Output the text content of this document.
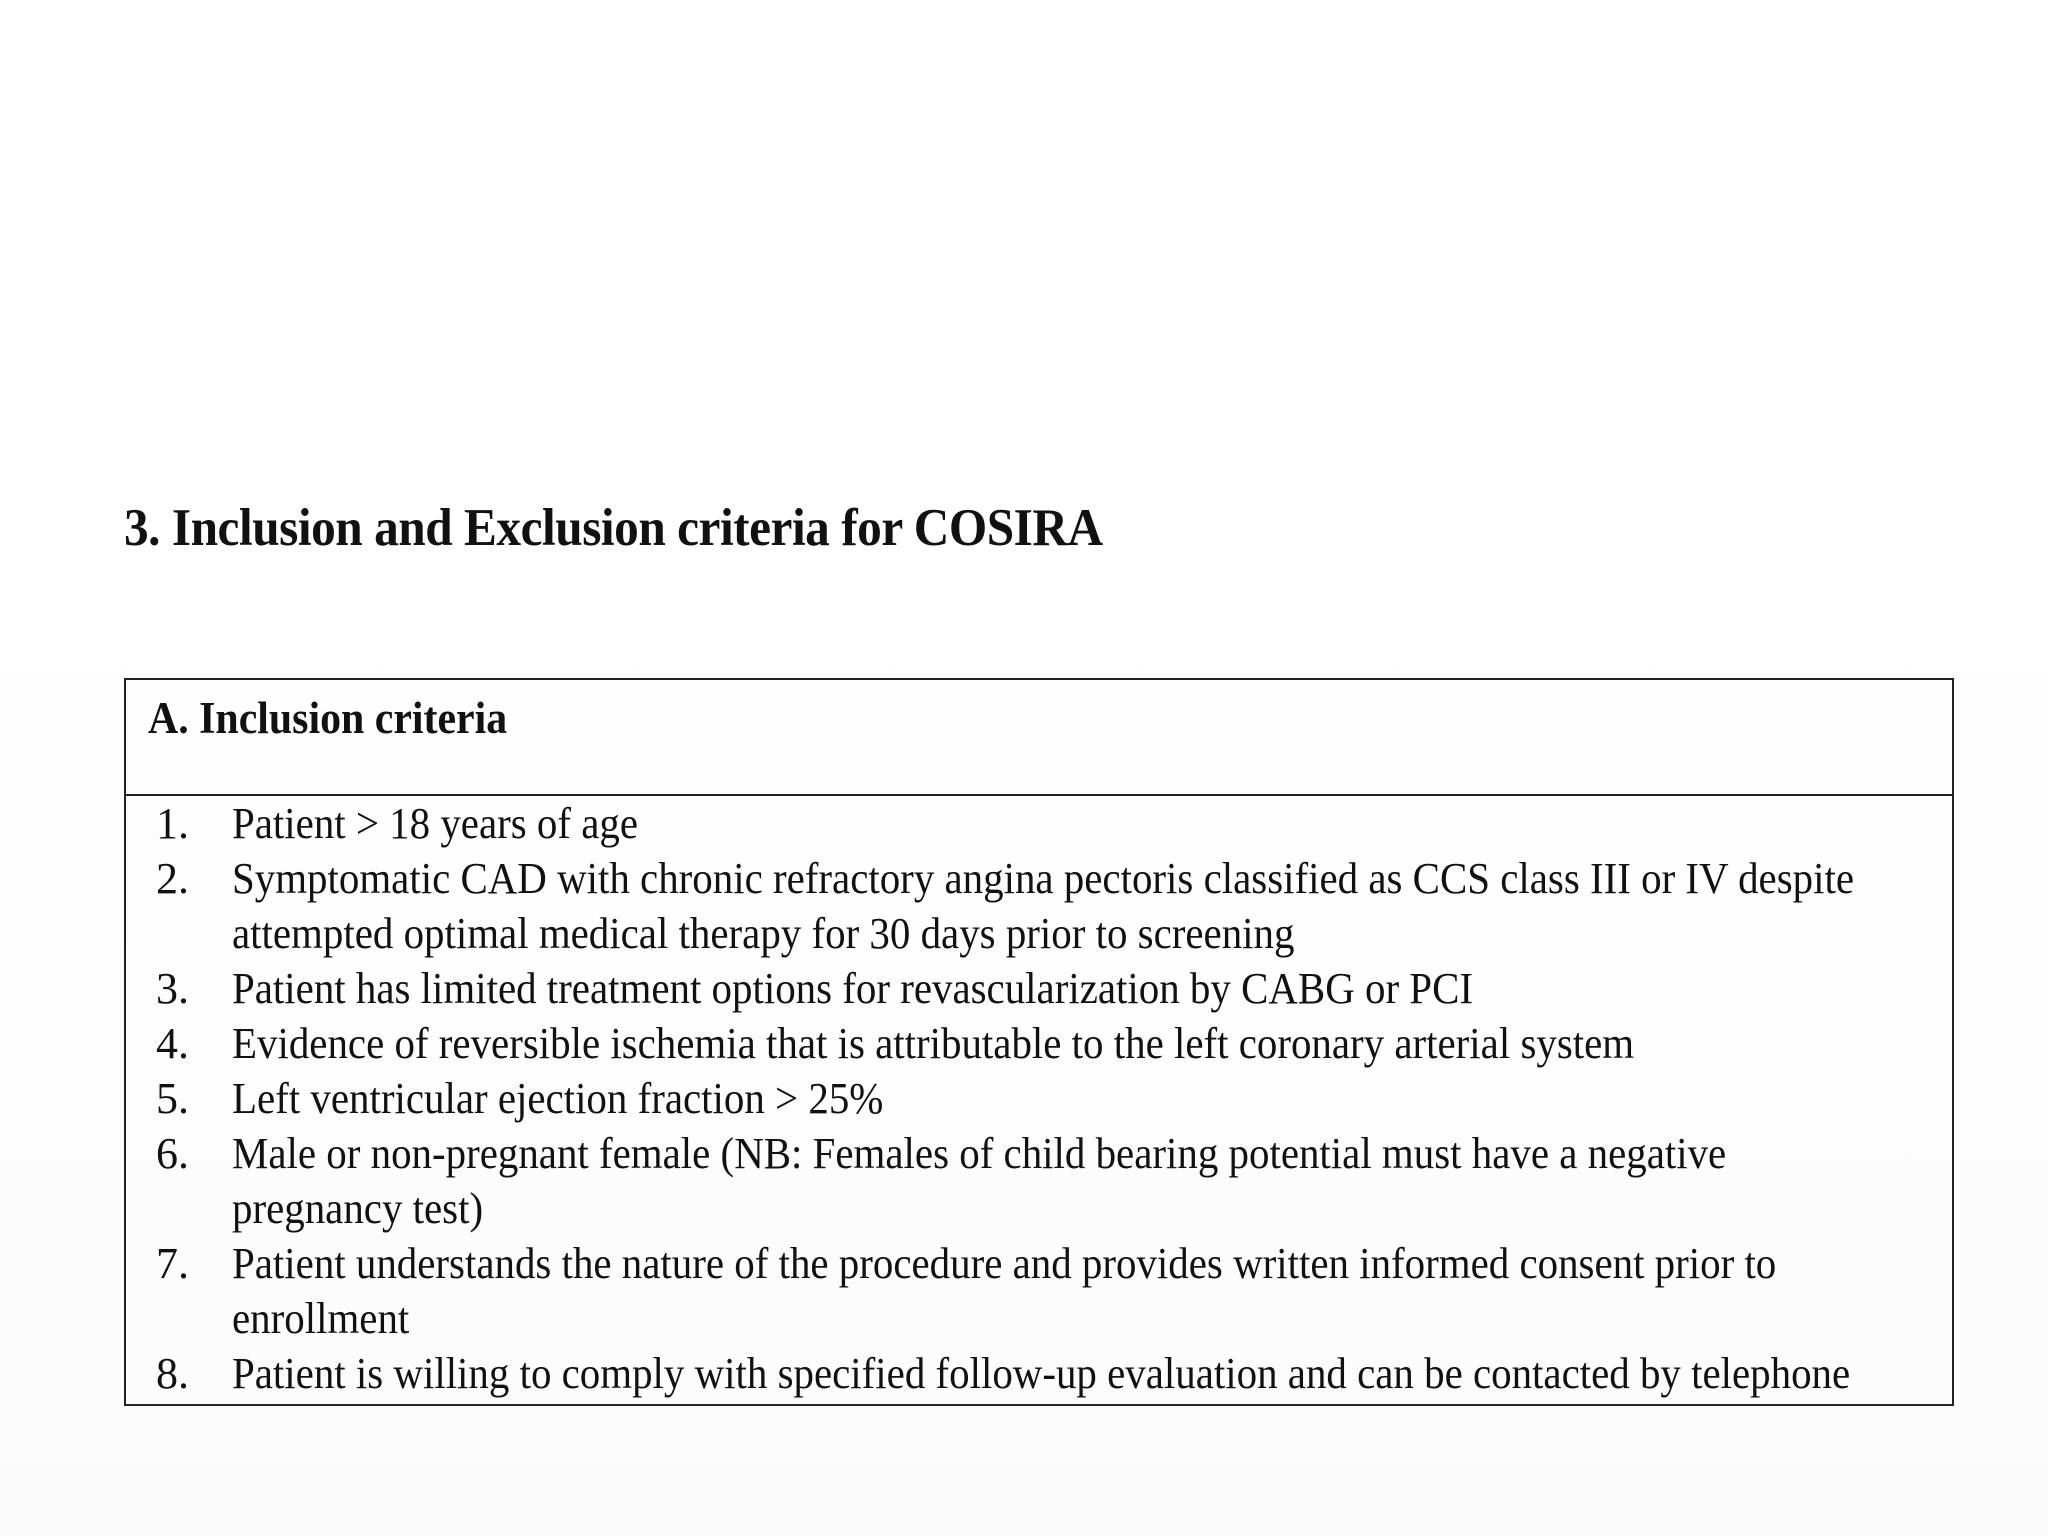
3. Inclusion and Exclusion criteria for COSIRA
A. Inclusion criteria
1. Patient > 18 years of age
2. Symptomatic CAD with chronic refractory angina pectoris classified as CCS class III or IV despite
attempted optimal medical therapy for 30 days prior to screening
3. Patient has limited treatment options for revascularization by CABG or PCI
4. Evidence of reversible ischemia that is attributable to the left coronary arterial system
5. Left ventricular ejection fraction > 25%
6. Male or non-pregnant female (NB: Females of child bearing potential must have a negative
pregnancy test)
7. Patient understands the nature of the procedure and provides written informed consent prior to
enrollment
8. Patient is willing to comply with specified follow-up evaluation and can be contacted by telephone
